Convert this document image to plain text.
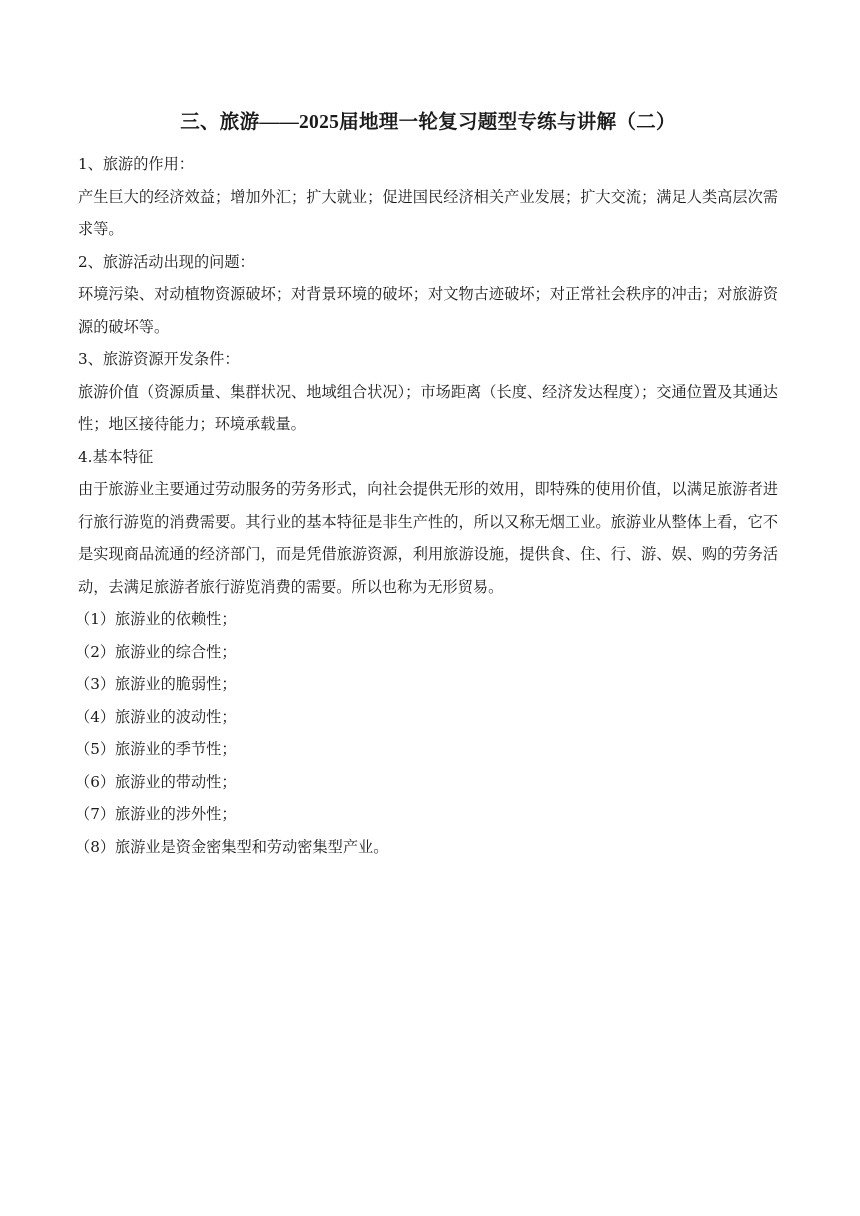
三、旅游——2025届地理一轮复习题型专练与讲解（二）
1、旅游的作用：
产生巨大的经济效益；增加外汇；扩大就业；促进国民经济相关产业发展；扩大交流；满足人类高层次需求等。
2、旅游活动出现的问题：
环境污染、对动植物资源破坏；对背景环境的破坏；对文物古迹破坏；对正常社会秩序的冲击；对旅游资源的破坏等。
3、旅游资源开发条件：
旅游价值（资源质量、集群状况、地域组合状况）；市场距离（长度、经济发达程度）；交通位置及其通达性；地区接待能力；环境承载量。
4.基本特征
由于旅游业主要通过劳动服务的劳务形式，向社会提供无形的效用，即特殊的使用价值，以满足旅游者进行旅行游览的消费需要。其行业的基本特征是非生产性的，所以又称无烟工业。旅游业从整体上看，它不是实现商品流通的经济部门，而是凭借旅游资源，利用旅游设施，提供食、住、行、游、娱、购的劳务活动，去满足旅游者旅行游览消费的需要。所以也称为无形贸易。
（1）旅游业的依赖性；
（2）旅游业的综合性；
（3）旅游业的脆弱性；
（4）旅游业的波动性；
（5）旅游业的季节性；
（6）旅游业的带动性；
（7）旅游业的涉外性；
（8）旅游业是资金密集型和劳动密集型产业。
